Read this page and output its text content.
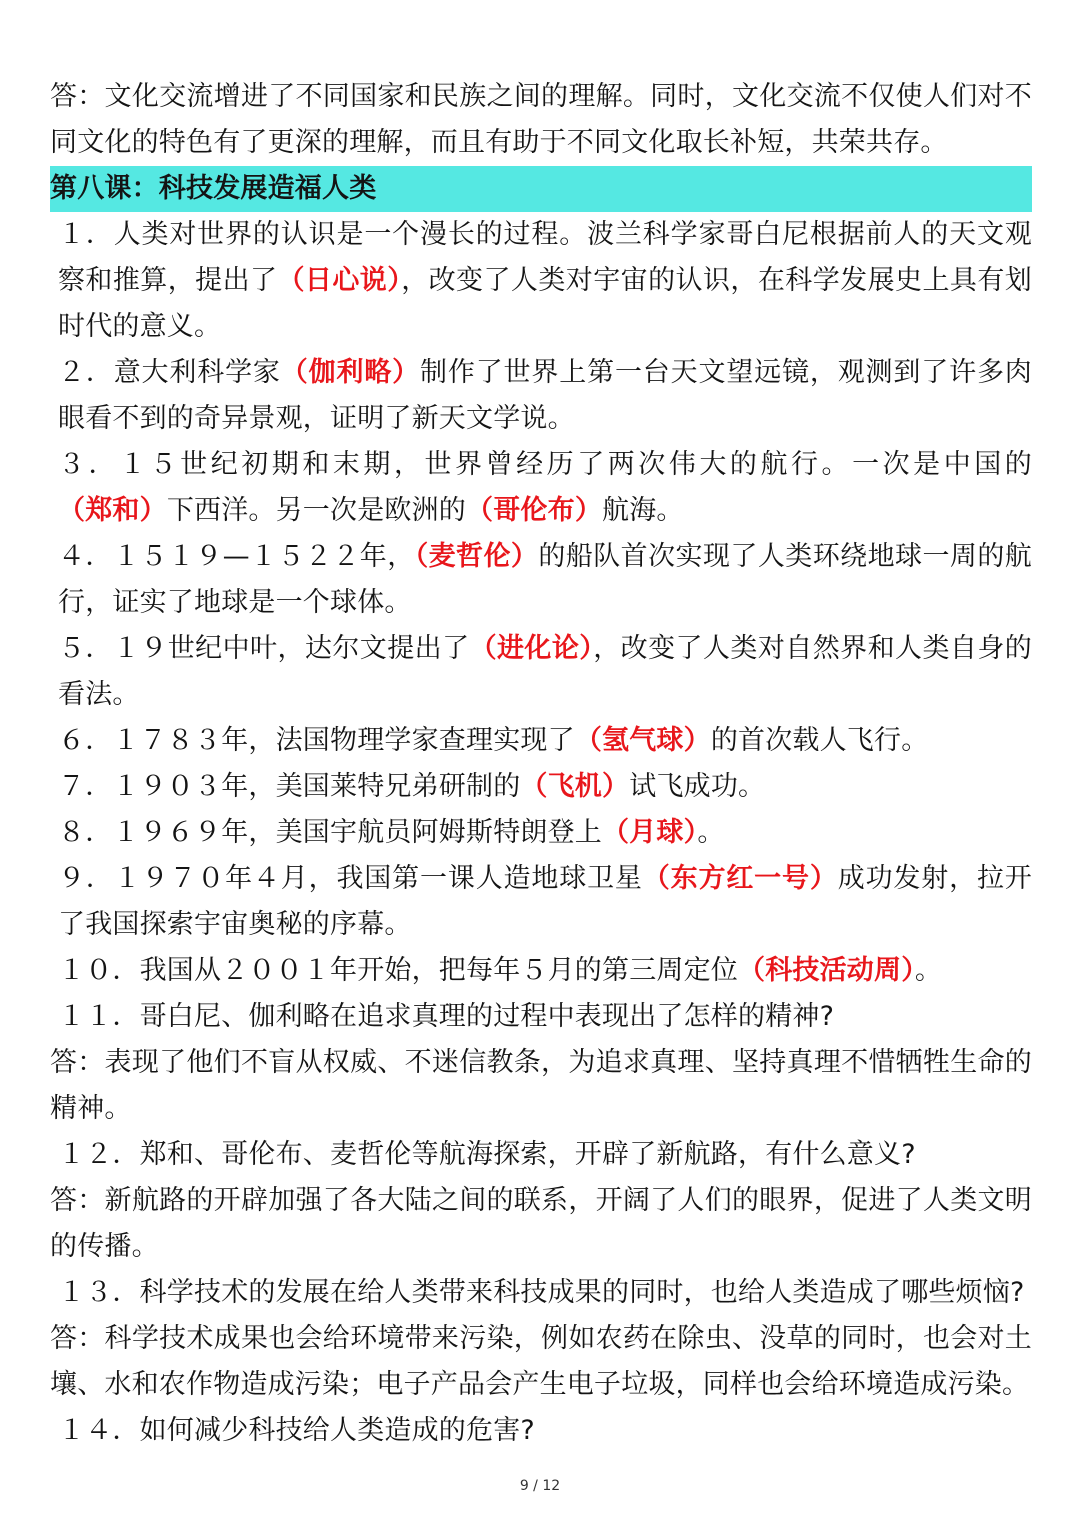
答：文化交流增进了不同国家和民族之间的理解。同时，文化交流不仅使人们对不同文化的特色有了更深的理解，而且有助于不同文化取长补短，共荣共存。

第八课：科技发展造福人类

１．人类对世界的认识是一个漫长的过程。波兰科学家哥白尼根据前人的天文观察和推算，提出了（日心说），改变了人类对宇宙的认识，在科学发展史上具有划时代的意义。

２．意大利科学家（伽利略）制作了世界上第一台天文望远镜，观测到了许多肉眼看不到的奇异景观，证明了新天文学说。

３．１５世纪初期和末期，世界曾经历了两次伟大的航行。一次是中国的（郑和）下西洋。另一次是欧洲的（哥伦布）航海。

４．１５１９—１５２２年，（麦哲伦）的船队首次实现了人类环绕地球一周的航行，证实了地球是一个球体。

５．１９世纪中叶，达尔文提出了（进化论），改变了人类对自然界和人类自身的看法。

６．１７８３年，法国物理学家查理实现了（氢气球）的首次载人飞行。

７．１９０３年，美国莱特兄弟研制的（飞机）试飞成功。

８．１９６９年，美国宇航员阿姆斯特朗登上（月球）。

９．１９７０年４月，我国第一课人造地球卫星（东方红一号）成功发射，拉开了我国探索宇宙奥秘的序幕。

１０．我国从２００１年开始，把每年５月的第三周定位（科技活动周）。

１１．哥白尼、伽利略在追求真理的过程中表现出了怎样的精神?

答：表现了他们不盲从权威、不迷信教条，为追求真理、坚持真理不惜牺牲生命的精神。

１２．郑和、哥伦布、麦哲伦等航海探索，开辟了新航路，有什么意义?

答：新航路的开辟加强了各大陆之间的联系，开阔了人们的眼界，促进了人类文明的传播。

１３．科学技术的发展在给人类带来科技成果的同时，也给人类造成了哪些烦恼?

答：科学技术成果也会给环境带来污染，例如农药在除虫、没草的同时，也会对土壤、水和农作物造成污染；电子产品会产生电子垃圾，同样也会给环境造成污染。

１４．如何减少科技给人类造成的危害?

9 / 12
